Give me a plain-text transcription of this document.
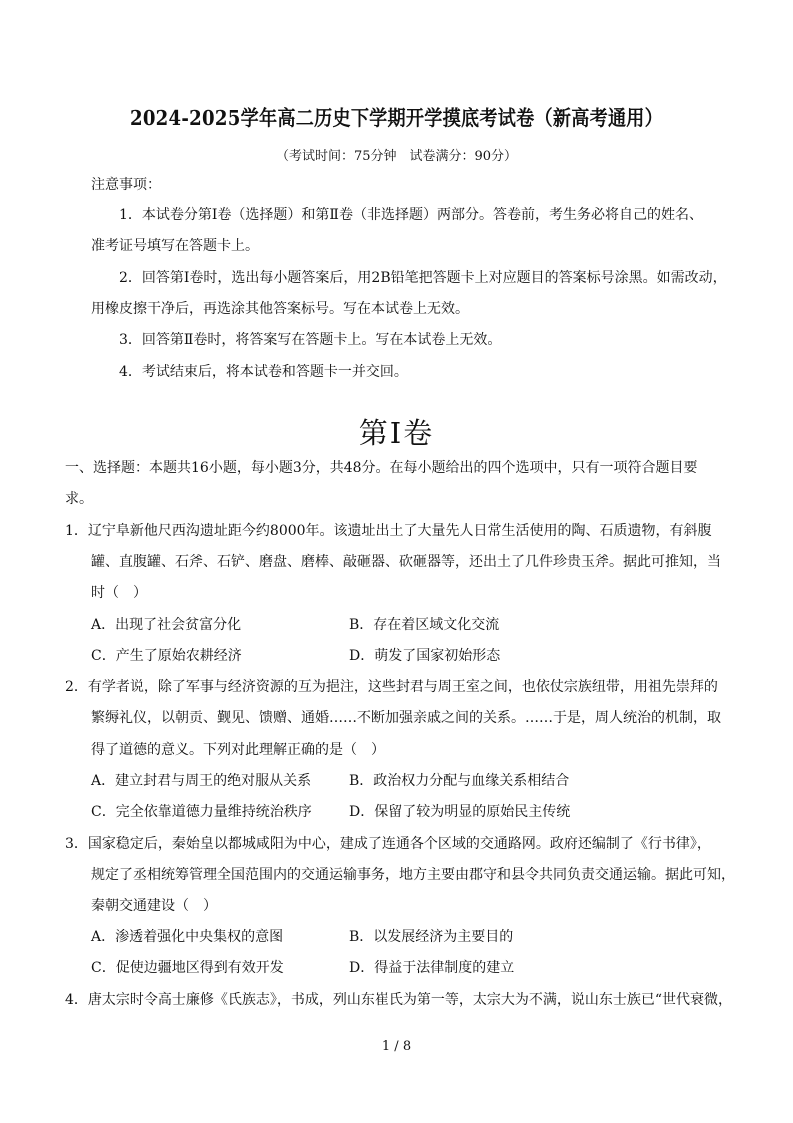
2024-2025学年高二历史下学期开学摸底考试卷（新高考通用）
（考试时间：75分钟　试卷满分：90分）
注意事项：
1．本试卷分第Ⅰ卷（选择题）和第Ⅱ卷（非选择题）两部分。答卷前，考生务必将自己的姓名、
准考证号填写在答题卡上。
2．回答第Ⅰ卷时，选出每小题答案后，用2B铅笔把答题卡上对应题目的答案标号涂黑。如需改动，
用橡皮擦干净后，再选涂其他答案标号。写在本试卷上无效。
3．回答第Ⅱ卷时，将答案写在答题卡上。写在本试卷上无效。
4．考试结束后，将本试卷和答题卡一并交回。
第Ⅰ卷
一、选择题：本题共16小题，每小题3分，共48分。在每小题给出的四个选项中，只有一项符合题目要
求。
1．辽宁阜新他尺西沟遗址距今约8000年。该遗址出土了大量先人日常生活使用的陶、石质遗物，有斜腹
罐、直腹罐、石斧、石铲、磨盘、磨棒、敲砸器、砍砸器等，还出土了几件珍贵玉斧。据此可推知，当
时（　）
A．出现了社会贫富分化	B．存在着区域文化交流
C．产生了原始农耕经济	D．萌发了国家初始形态
2．有学者说，除了军事与经济资源的互为挹注，这些封君与周王室之间，也依仗宗族纽带，用祖先崇拜的
繁缛礼仪，以朝贡、觐见、馈赠、通婚……不断加强亲戚之间的关系。……于是，周人统治的机制，取
得了道德的意义。下列对此理解正确的是（　）
A．建立封君与周王的绝对服从关系	B．政治权力分配与血缘关系相结合
C．完全依靠道德力量维持统治秩序	D．保留了较为明显的原始民主传统
3．国家稳定后，秦始皇以都城咸阳为中心，建成了连通各个区域的交通路网。政府还编制了《行书律》，
规定了丞相统筹管理全国范围内的交通运输事务，地方主要由郡守和县令共同负责交通运输。据此可知，
秦朝交通建设（　）
A．渗透着强化中央集权的意图	B．以发展经济为主要目的
C．促使边疆地区得到有效开发	D．得益于法律制度的建立
4．唐太宗时令高士廉修《氏族志》，书成，列山东崔氏为第一等，太宗大为不满，说山东士族已“世代衰微，
1 / 8
